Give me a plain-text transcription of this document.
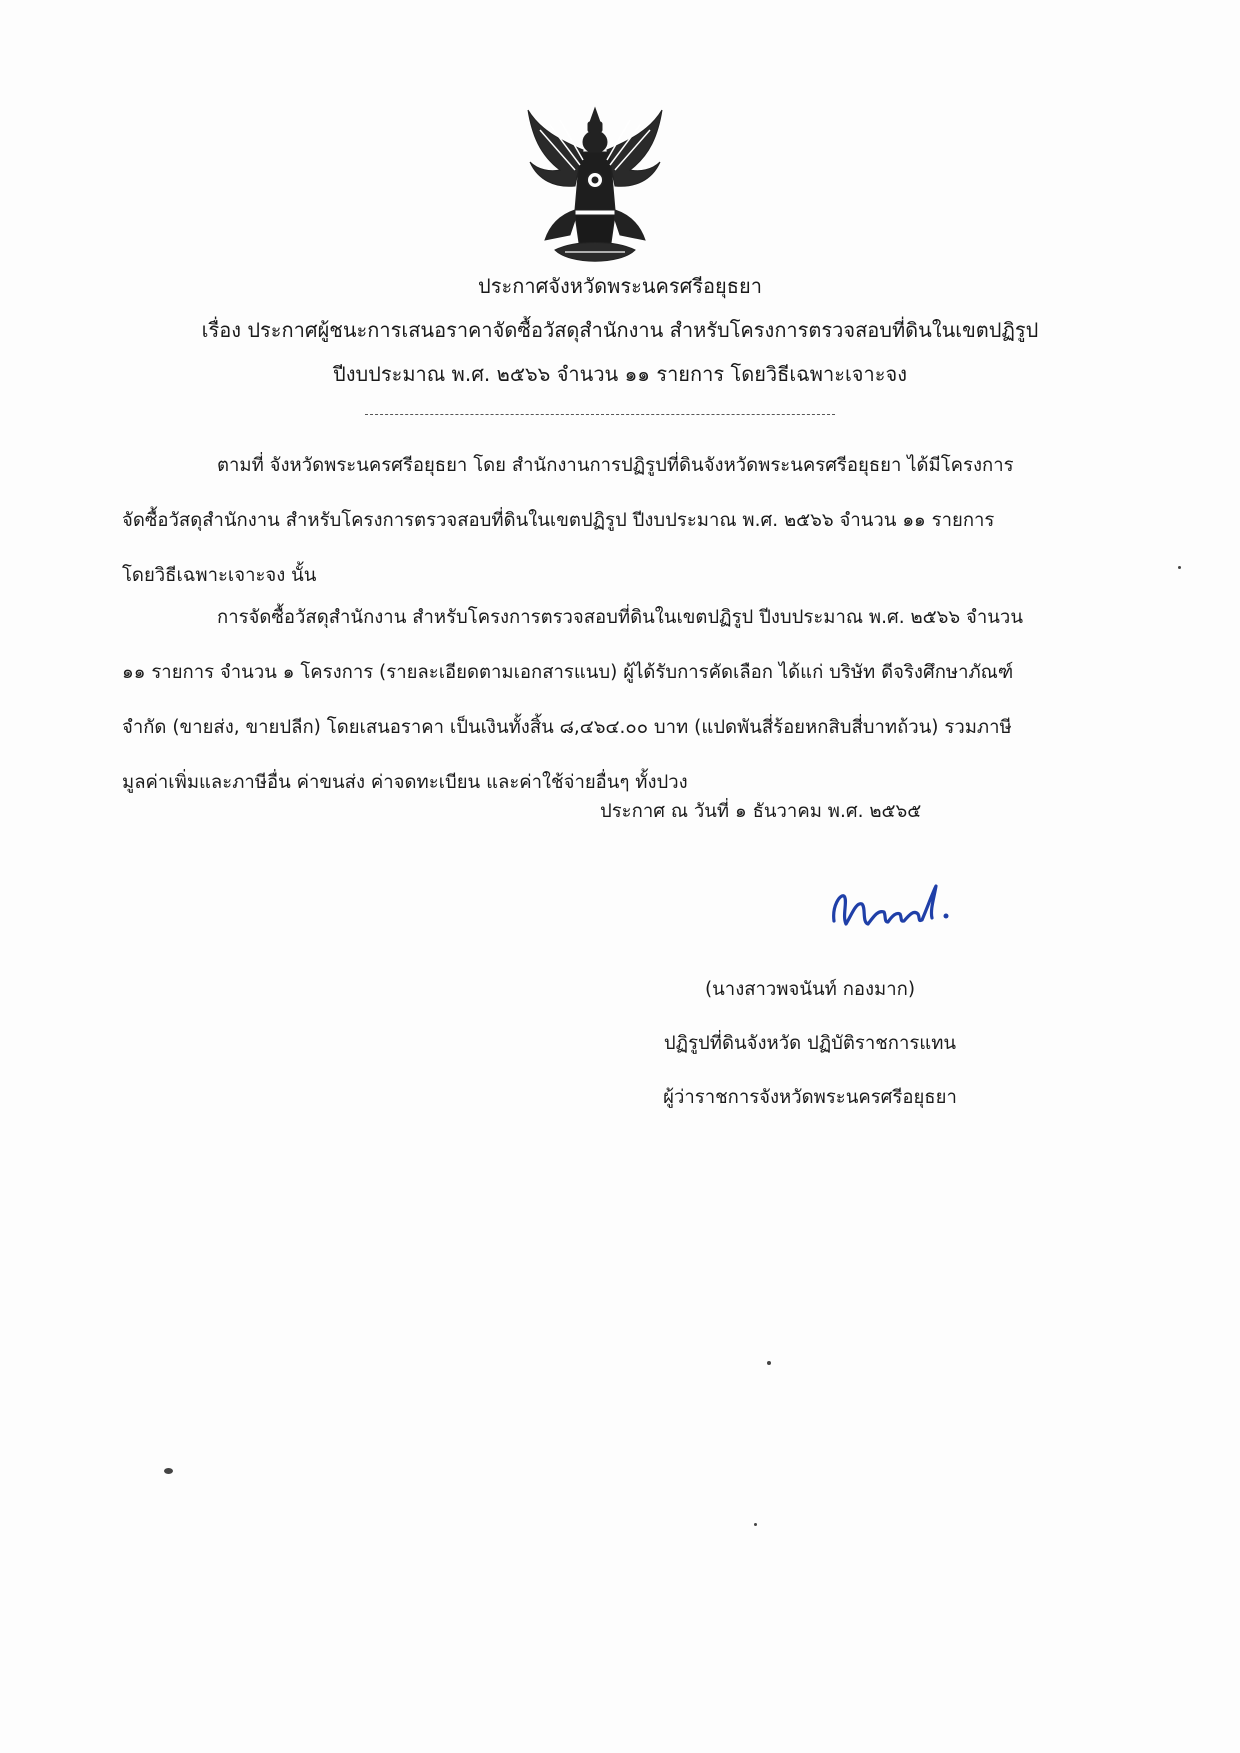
ประกาศจังหวัดพระนครศรีอยุธยา
เรื่อง ประกาศผู้ชนะการเสนอราคาจัดซื้อวัสดุสำนักงาน สำหรับโครงการตรวจสอบที่ดินในเขตปฏิรูป
ปีงบประมาณ พ.ศ. ๒๕๖๖ จำนวน ๑๑ รายการ โดยวิธีเฉพาะเจาะจง
ตามที่ จังหวัดพระนครศรีอยุธยา โดย สำนักงานการปฏิรูปที่ดินจังหวัดพระนครศรีอยุธยา ได้มีโครงการ
จัดซื้อวัสดุสำนักงาน สำหรับโครงการตรวจสอบที่ดินในเขตปฏิรูป ปีงบประมาณ พ.ศ. ๒๕๖๖ จำนวน ๑๑ รายการ
โดยวิธีเฉพาะเจาะจง นั้น
การจัดซื้อวัสดุสำนักงาน สำหรับโครงการตรวจสอบที่ดินในเขตปฏิรูป ปีงบประมาณ พ.ศ. ๒๕๖๖ จำนวน
๑๑ รายการ จำนวน ๑ โครงการ (รายละเอียดตามเอกสารแนบ) ผู้ได้รับการคัดเลือก ได้แก่ บริษัท ดีจริงศึกษาภัณฑ์
จำกัด (ขายส่ง, ขายปลีก) โดยเสนอราคา เป็นเงินทั้งสิ้น ๘,๔๖๔.๐๐ บาท (แปดพันสี่ร้อยหกสิบสี่บาทถ้วน) รวมภาษี
มูลค่าเพิ่มและภาษีอื่น ค่าขนส่ง ค่าจดทะเบียน และค่าใช้จ่ายอื่นๆ ทั้งปวง
ประกาศ ณ วันที่ ๑ ธันวาคม พ.ศ. ๒๕๖๕
(นางสาวพจนันท์ กองมาก)
ปฏิรูปที่ดินจังหวัด ปฏิบัติราชการแทน
ผู้ว่าราชการจังหวัดพระนครศรีอยุธยา
